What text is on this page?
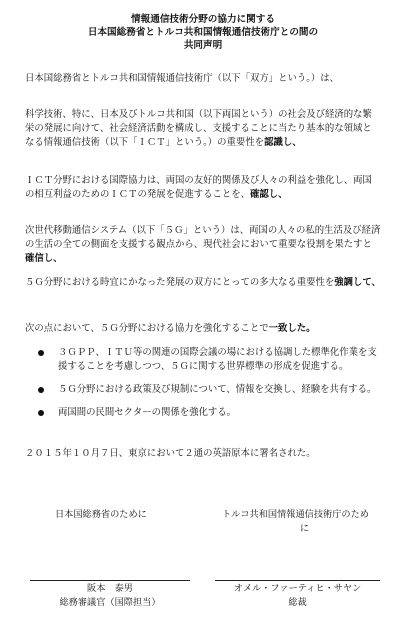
情報通信技術分野の協力に関する
日本国総務省とトルコ共和国情報通信技術庁との間の
共同声明
日本国総務省とトルコ共和国情報通信技術庁（以下「双方」という。）は、
科学技術、特に、日本及びトルコ共和国（以下両国という）の社会及び経済的な繁栄の発展に向けて、社会経済活動を構成し、支援することに当たり基本的な領域となる情報通信技術（以下「ＩＣＴ」という。）の重要性を認識し、
ＩＣＴ分野における国際協力は、両国の友好的関係及び人々の利益を強化し、両国の相互利益のためのＩＣＴの発展を促進することを、確認し、
次世代移動通信システム（以下「５Ｇ」という）は、両国の人々の私的生活及び経済の生活の全ての側面を支援する観点から、現代社会において重要な役割を果たすと確信し、
５Ｇ分野における時宜にかなった発展の双方にとっての多大なる重要性を強調して、
次の点において、５Ｇ分野における協力を強化することで一致した。
３ＧＰＰ、ＩＴＵ等の関連の国際会議の場における協調した標準化作業を支援することを考慮しつつ、５Ｇに関する世界標準の形成を促進する。
５Ｇ分野における政策及び規制について、情報を交換し、経験を共有する。
両国間の民間セクターの関係を強化する。
２０１５年１０月７日、東京において２通の英語原本に署名された。
日本国総務省のために	トルコ共和国情報通信技術庁のため
に
阪本　泰男
総務審議官（国際担当）
オメル・ファーティヒ・サヤン
総裁
